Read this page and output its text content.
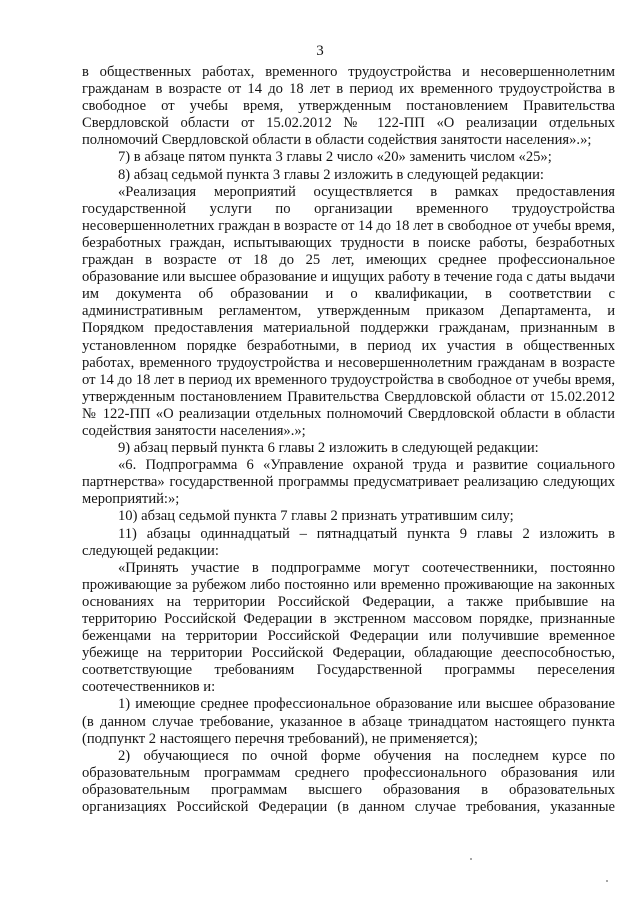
3

в общественных работах, временного трудоустройства и несовершеннолетним гражданам в возрасте от 14 до 18 лет в период их временного трудоустройства в свободное от учебы время, утвержденным постановлением Правительства Свердловской области от 15.02.2012 № 122-ПП «О реализации отдельных полномочий Свердловской области в области содействия занятости населения».»;

7) в абзаце пятом пункта 3 главы 2 число «20» заменить числом «25»;

8) абзац седьмой пункта 3 главы 2 изложить в следующей редакции:

«Реализация мероприятий осуществляется в рамках предоставления государственной услуги по организации временного трудоустройства несовершеннолетних граждан в возрасте от 14 до 18 лет в свободное от учебы время, безработных граждан, испытывающих трудности в поиске работы, безработных граждан в возрасте от 18 до 25 лет, имеющих среднее профессиональное образование или высшее образование и ищущих работу в течение года с даты выдачи им документа об образовании и о квалификации, в соответствии с административным регламентом, утвержденным приказом Департамента, и Порядком предоставления материальной поддержки гражданам, признанным в установленном порядке безработными, в период их участия в общественных работах, временного трудоустройства и несовершеннолетним гражданам в возрасте от 14 до 18 лет в период их временного трудоустройства в свободное от учебы время, утвержденным постановлением Правительства Свердловской области от 15.02.2012 № 122-ПП «О реализации отдельных полномочий Свердловской области в области содействия занятости населения».»;

9) абзац первый пункта 6 главы 2 изложить в следующей редакции:

«6. Подпрограмма 6 «Управление охраной труда и развитие социального партнерства» государственной программы предусматривает реализацию следующих мероприятий:»;

10) абзац седьмой пункта 7 главы 2 признать утратившим силу;

11) абзацы одиннадцатый – пятнадцатый пункта 9 главы 2 изложить в следующей редакции:

«Принять участие в подпрограмме могут соотечественники, постоянно проживающие за рубежом либо постоянно или временно проживающие на законных основаниях на территории Российской Федерации, а также прибывшие на территорию Российской Федерации в экстренном массовом порядке, признанные беженцами на территории Российской Федерации или получившие временное убежище на территории Российской Федерации, обладающие дееспособностью, соответствующие требованиям Государственной программы переселения соотечественников и:

1) имеющие среднее профессиональное образование или высшее образование (в данном случае требование, указанное в абзаце тринадцатом настоящего пункта (подпункт 2 настоящего перечня требований), не применяется);

2) обучающиеся по очной форме обучения на последнем курсе по образовательным программам среднего профессионального образования или образовательным программам высшего образования в образовательных организациях Российской Федерации (в данном случае требования, указанные
